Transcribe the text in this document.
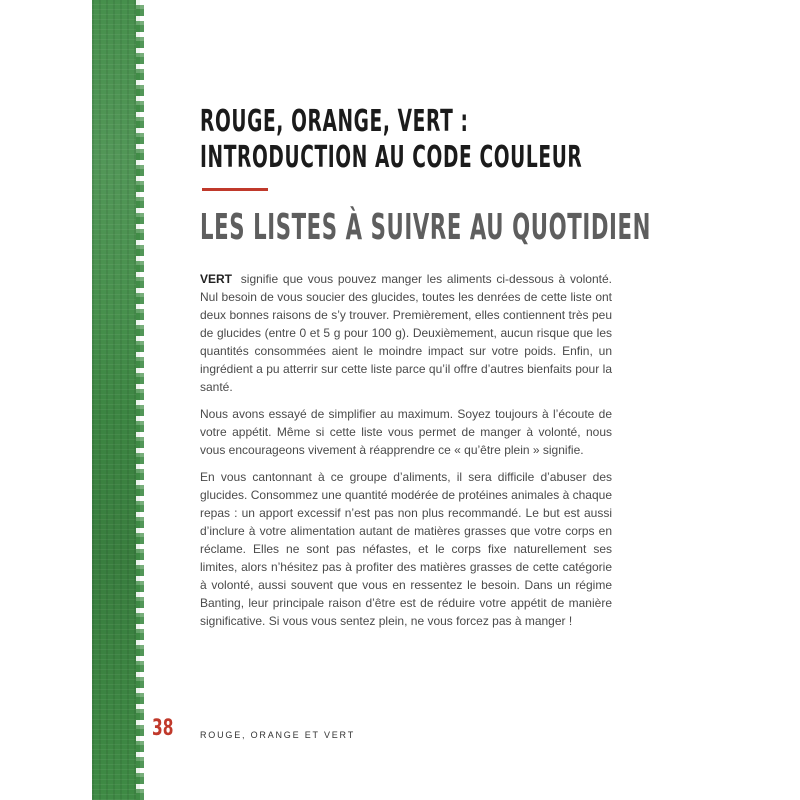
ROUGE, ORANGE, VERT :
INTRODUCTION AU CODE COULEUR
LES LISTES À SUIVRE AU QUOTIDIEN

VERT signifie que vous pouvez manger les aliments ci-dessous à volonté. Nul besoin de vous soucier des glucides, toutes les denrées de cette liste ont deux bonnes raisons de s’y trouver. Premièrement, elles contiennent très peu de glucides (entre 0 et 5 g pour 100 g). Deuxièmement, aucun risque que les quantités consommées aient le moindre impact sur votre poids. Enfin, un ingrédient a pu atterrir sur cette liste parce qu’il offre d’autres bienfaits pour la santé.

Nous avons essayé de simplifier au maximum. Soyez toujours à l’écoute de votre appétit. Même si cette liste vous permet de manger à volonté, nous vous encourageons vivement à réapprendre ce « qu’être plein » signifie.

En vous cantonnant à ce groupe d’aliments, il sera difficile d’abuser des glucides. Consommez une quantité modérée de protéines animales à chaque repas : un apport excessif n’est pas non plus recommandé. Le but est aussi d’inclure à votre alimentation autant de matières grasses que votre corps en réclame. Elles ne sont pas néfastes, et le corps fixe naturellement ses limites, alors n’hésitez pas à profiter des matières grasses de cette catégorie à volonté, aussi souvent que vous en ressentez le besoin. Dans un régime Banting, leur principale raison d’être est de réduire votre appétit de manière significative. Si vous vous sentez plein, ne vous forcez pas à manger !

38	ROUGE, ORANGE ET VERT
